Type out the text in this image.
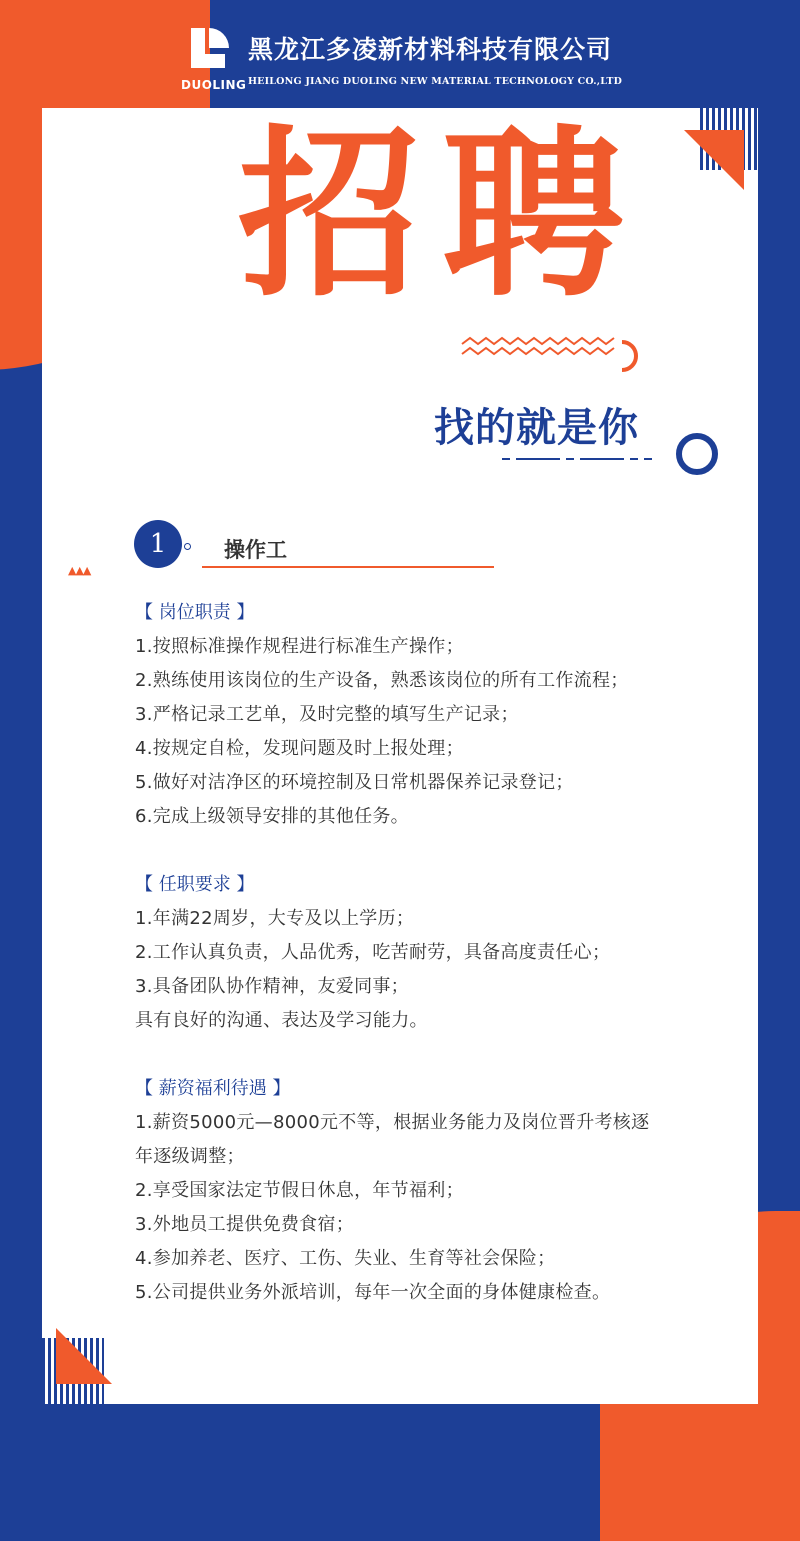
DUOLING
黑龙江多凌新材料科技有限公司
HEILONG JIANG DUOLING NEW MATERIAL TECHNOLOGY CO.,LTD
招聘
找的就是你
▲▲▲
1	操作工
【 岗位职责 】
1.按照标准操作规程进行标准生产操作；
2.熟练使用该岗位的生产设备，熟悉该岗位的所有工作流程；
3.严格记录工艺单，及时完整的填写生产记录；
4.按规定自检，发现问题及时上报处理；
5.做好对洁净区的环境控制及日常机器保养记录登记；
6.完成上级领导安排的其他任务。
【 任职要求 】
1.年满22周岁，大专及以上学历；
2.工作认真负责，人品优秀，吃苦耐劳，具备高度责任心；
3.具备团队协作精神，友爱同事；
具有良好的沟通、表达及学习能力。
【 薪资福利待遇 】
1.薪资5000元—8000元不等，根据业务能力及岗位晋升考核逐
年逐级调整；
2.享受国家法定节假日休息，年节福利；
3.外地员工提供免费食宿；
4.参加养老、医疗、工伤、失业、生育等社会保险；
5.公司提供业务外派培训，每年一次全面的身体健康检查。
